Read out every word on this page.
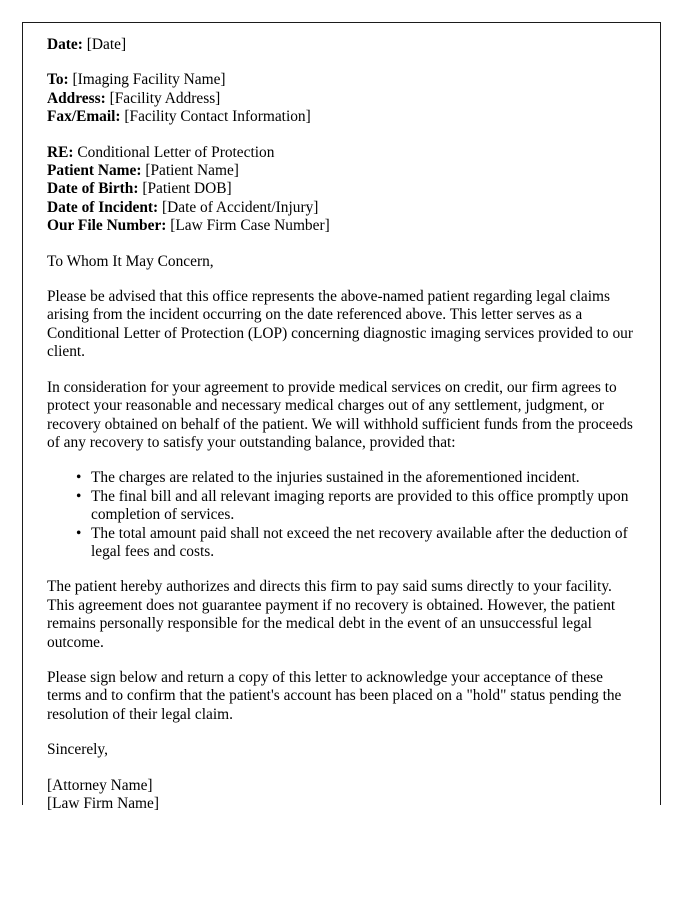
Date: [Date]
To: [Imaging Facility Name]
Address: [Facility Address]
Fax/Email: [Facility Contact Information]
RE: Conditional Letter of Protection
Patient Name: [Patient Name]
Date of Birth: [Patient DOB]
Date of Incident: [Date of Accident/Injury]
Our File Number: [Law Firm Case Number]

To Whom It May Concern,

Please be advised that this office represents the above-named patient regarding legal claims arising from the incident occurring on the date referenced above. This letter serves as a Conditional Letter of Protection (LOP) concerning diagnostic imaging services provided to our client.

In consideration for your agreement to provide medical services on credit, our firm agrees to protect your reasonable and necessary medical charges out of any settlement, judgment, or recovery obtained on behalf of the patient. We will withhold sufficient funds from the proceeds of any recovery to satisfy your outstanding balance, provided that:

• The charges are related to the injuries sustained in the aforementioned incident.
• The final bill and all relevant imaging reports are provided to this office promptly upon completion of services.
• The total amount paid shall not exceed the net recovery available after the deduction of legal fees and costs.

The patient hereby authorizes and directs this firm to pay said sums directly to your facility. This agreement does not guarantee payment if no recovery is obtained. However, the patient remains personally responsible for the medical debt in the event of an unsuccessful legal outcome.

Please sign below and return a copy of this letter to acknowledge your acceptance of these terms and to confirm that the patient's account has been placed on a "hold" status pending the resolution of their legal claim.

Sincerely,

[Attorney Name]
[Law Firm Name]
